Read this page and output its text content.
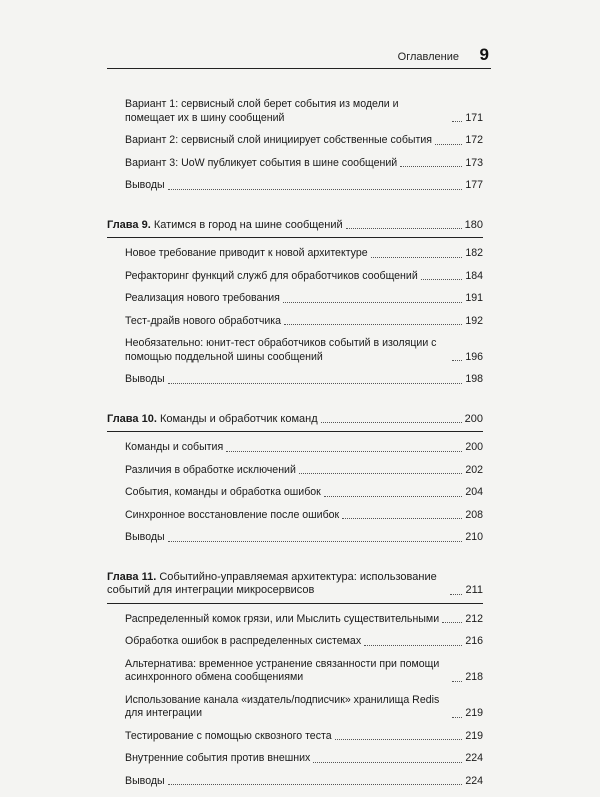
Оглавление 9
Вариант 1: сервисный слой берет события из модели и помещает их в шину сообщений	171
Вариант 2: сервисный слой инициирует собственные события	172
Вариант 3: UoW публикует события в шине сообщений	173
Выводы	177
Глава 9. Катимся в город на шине сообщений	180
Новое требование приводит к новой архитектуре	182
Рефакторинг функций служб для обработчиков сообщений	184
Реализация нового требования	191
Тест-драйв нового обработчика	192
Необязательно: юнит-тест обработчиков событий в изоляции с помощью поддельной шины сообщений	196
Выводы	198
Глава 10. Команды и обработчик команд	200
Команды и события	200
Различия в обработке исключений	202
События, команды и обработка ошибок	204
Синхронное восстановление после ошибок	208
Выводы	210
Глава 11. Событийно-управляемая архитектура: использование событий для интеграции микросервисов	211
Распределенный комок грязи, или Мыслить существительными 212
Обработка ошибок в распределенных системах	216
Альтернатива: временное устранение связанности при помощи асинхронного обмена сообщениями	218
Использование канала «издатель/подписчик» хранилища Redis для интеграции	219
Тестирование с помощью сквозного теста	219
Внутренние события против внешних	224
Выводы	224
